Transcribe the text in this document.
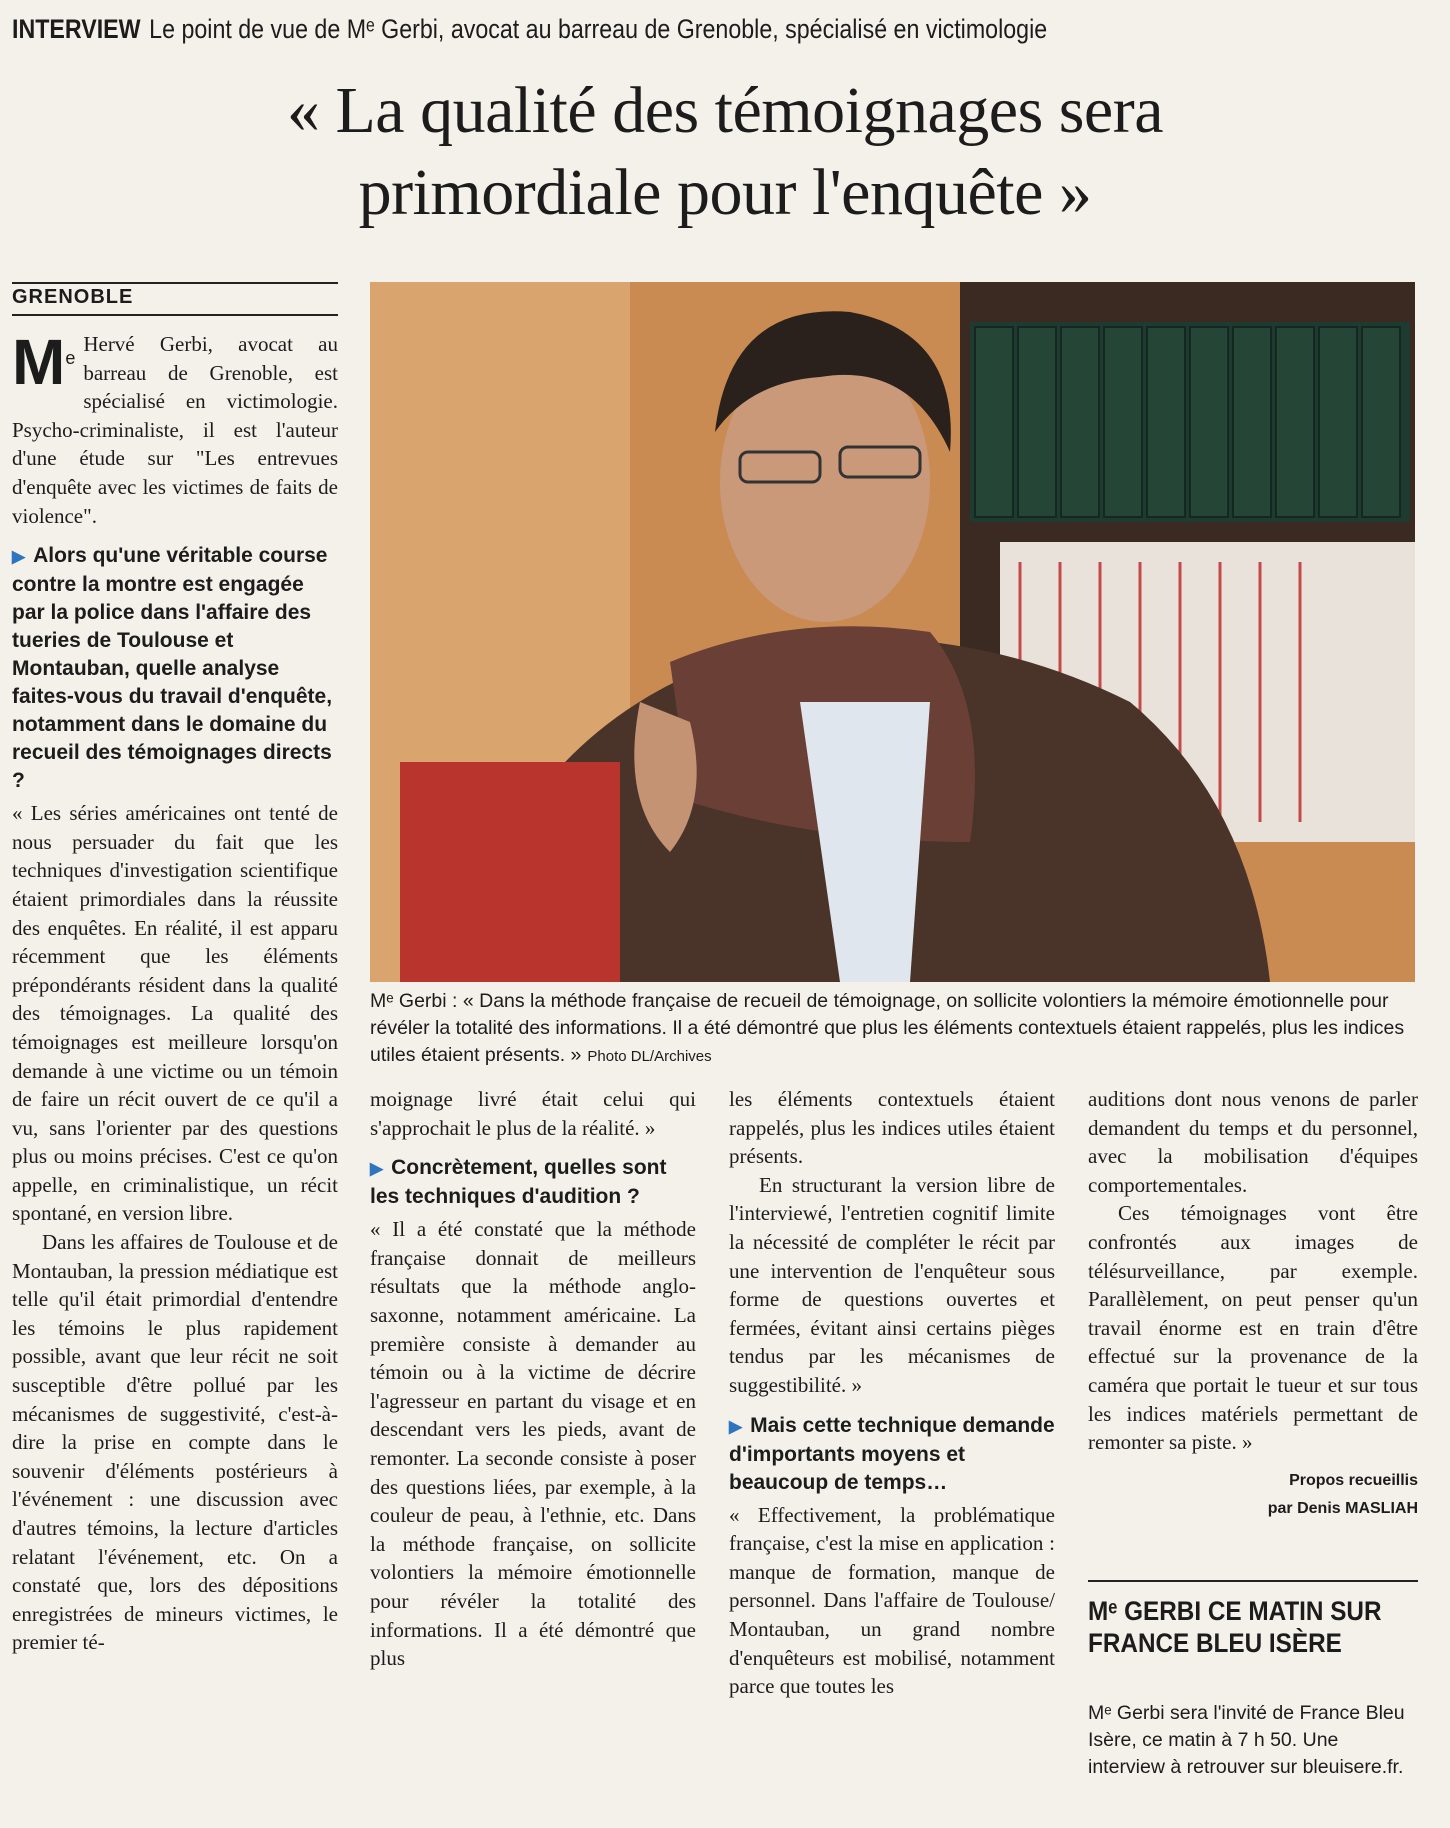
INTERVIEW Le point de vue de Mᵉ Gerbi, avocat au barreau de Grenoble, spécialisé en victimologie
« La qualité des témoignages sera
primordiale pour l'enquête »
GRENOBLE
Mᵉ Gerbi : « Dans la méthode française de recueil de témoignage, on sollicite volontiers la mémoire émotionnelle pour révéler la totalité des informations. Il a été démontré que plus les éléments contextuels étaient rappelés, plus les indices utiles étaient présents. » Photo DL/Archives
Me

Hervé Gerbi, avocat au barreau de Grenoble, est spécialisé en victimologie. Psycho-criminaliste, il est l'auteur d'une étude sur "Les entrevues d'enquête avec les victimes de faits de violence".

▶ Alors qu'une véritable course contre la montre est engagée par la police dans l'affaire des tueries de Toulouse et Montauban, quelle analyse faites-vous du travail d'enquête, notamment dans le domaine du recueil des témoignages directs ?

« Les séries américaines ont tenté de nous persuader du fait que les techniques d'investigation scientifique étaient primordiales dans la réussite des enquêtes. En réalité, il est apparu récemment que les éléments prépondérants résident dans la qualité des témoignages. La qualité des témoignages est meilleure lorsqu'on demande à une victime ou un témoin de faire un récit ouvert de ce qu'il a vu, sans l'orienter par des questions plus ou moins précises. C'est ce qu'on appelle, en criminalistique, un récit spontané, en version libre.

Dans les affaires de Toulouse et de Montauban, la pression médiatique est telle qu'il était primordial d'entendre les témoins le plus rapidement possible, avant que leur récit ne soit susceptible d'être pollué par les mécanismes de suggestivité, c'est-à-dire la prise en compte dans le souvenir d'éléments postérieurs à l'événement : une discussion avec d'autres témoins, la lecture d'articles relatant l'événement, etc. On a constaté que, lors des dépositions enregistrées de mineurs victimes, le premier té-

moignage livré était celui qui s'approchait le plus de la réalité. »

▶ Concrètement, quelles sont les techniques d'audition ?

« Il a été constaté que la méthode française donnait de meilleurs résultats que la méthode anglo-saxonne, notamment américaine. La première consiste à demander au témoin ou à la victime de décrire l'agresseur en partant du visage et en descendant vers les pieds, avant de remonter. La seconde consiste à poser des questions liées, par exemple, à la couleur de peau, à l'ethnie, etc. Dans la méthode française, on sollicite volontiers la mémoire émotionnelle pour révéler la totalité des informations. Il a été démontré que plus

les éléments contextuels étaient rappelés, plus les indices utiles étaient présents.

En structurant la version libre de l'interviewé, l'entretien cognitif limite la nécessité de compléter le récit par une intervention de l'enquêteur sous forme de questions ouvertes et fermées, évitant ainsi certains pièges tendus par les mécanismes de suggestibilité. »

▶ Mais cette technique demande d'importants moyens et beaucoup de temps…

« Effectivement, la problématique française, c'est la mise en application : manque de formation, manque de personnel. Dans l'affaire de Toulouse/ Montauban, un grand nombre d'enquêteurs est mobilisé, notamment parce que toutes les

auditions dont nous venons de parler demandent du temps et du personnel, avec la mobilisation d'équipes comportementales.

Ces témoignages vont être confrontés aux images de télésurveillance, par exemple. Parallèlement, on peut penser qu'un travail énorme est en train d'être effectué sur la provenance de la caméra que portait le tueur et sur tous les indices matériels permettant de remonter sa piste. »

Propos recueillis
par Denis MASLIAH
Mᵉ GERBI CE MATIN SUR FRANCE BLEU ISÈRE
Mᵉ Gerbi sera l'invité de France Bleu Isère, ce matin à 7 h 50. Une interview à retrouver sur bleuisere.fr.
